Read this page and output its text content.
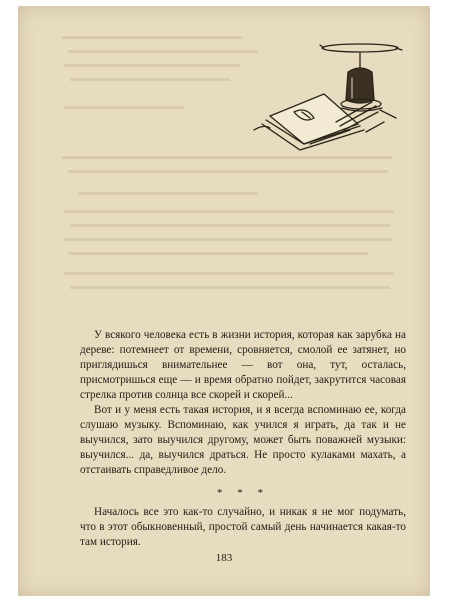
У всякого человека есть в жизни история, которая как зарубка на дереве: потемнеет от времени, сровняется, смолой ее затянет, но приглядишься внимательнее — вот она, тут, осталась, присмотришься еще — и время обратно пойдет, закрутится часовая стрелка против солнца все скорей и скорей...

Вот и у меня есть такая история, и я всегда вспоминаю ее, когда слушаю музыку. Вспоминаю, как учился я играть, да так и не выучился, зато выучился другому, может быть поважней музыки: выучился... да, выучился драться. Не просто кулаками махать, а отстаивать справедливое дело.

* * *

Началось все это как-то случайно, и никак я не мог подумать, что в этот обыкновенный, простой самый день начинается какая-то там история.

183
